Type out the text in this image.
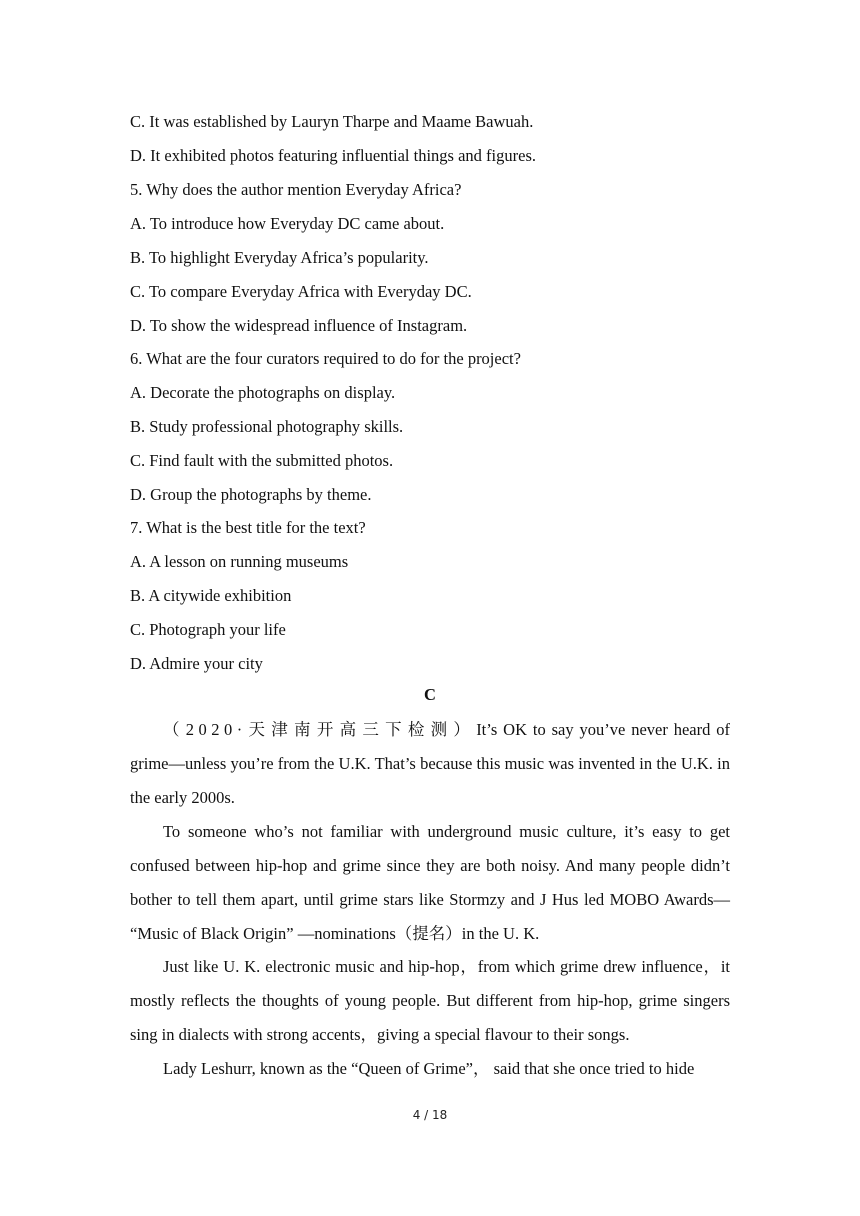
C. It was established by Lauryn Tharpe and Maame Bawuah.
D. It exhibited photos featuring influential things and figures.
5. Why does the author mention Everyday Africa?
A. To introduce how Everyday DC came about.
B. To highlight Everyday Africa’s popularity.
C. To compare Everyday Africa with Everyday DC.
D. To show the widespread influence of Instagram.
6. What are the four curators required to do for the project?
A. Decorate the photographs on display.
B. Study professional photography skills.
C. Find fault with the submitted photos.
D. Group the photographs by theme.
7. What is the best title for the text?
A. A lesson on running museums
B. A citywide exhibition
C. Photograph your life
D. Admire your city
C
（2020·天津南开高三下检测）It’s OK to say you’ve never heard of grime—unless you’re from the U.K. That’s because this music was invented in the U.K. in the early 2000s.
To someone who’s not familiar with underground music culture, it’s easy to get confused between hip-hop and grime since they are both noisy. And many people didn’t bother to tell them apart, until grime stars like Stormzy and J Hus led MOBO Awards— “Music of Black Origin” —nominations（提名）in the U. K.
Just like U. K. electronic music and hip-hop，from which grime drew influence，it mostly reflects the thoughts of young people. But different from hip-hop, grime singers sing in dialects with strong accents，giving a special flavour to their songs.
Lady Leshurr, known as the “Queen of Grime”， said that she once tried to hide
4 / 18
